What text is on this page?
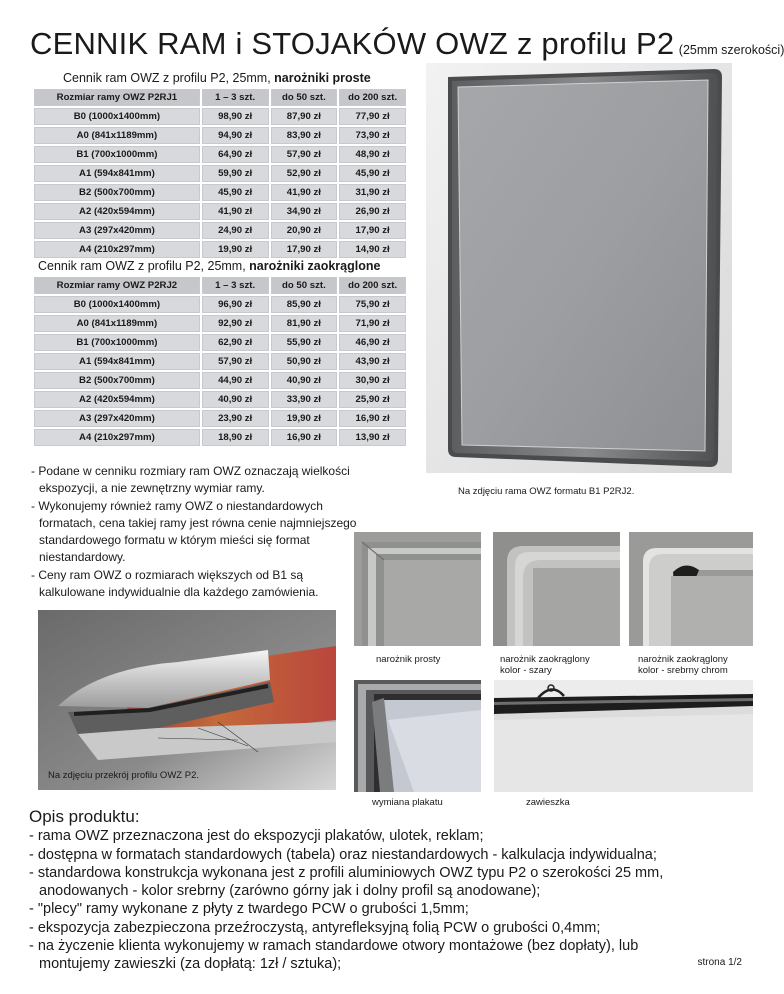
CENNIK RAM i STOJAKÓW OWZ z profilu P2 (25mm szerokości)
Cennik ram OWZ z profilu P2, 25mm, narożniki proste
Rozmiar ramy OWZ P2RJ1	1 – 3 szt.	do 50 szt.	do 200 szt.
B0 (1000x1400mm)	98,90 zł	87,90 zł	77,90 zł
A0 (841x1189mm)	94,90 zł	83,90 zł	73,90 zł
B1 (700x1000mm)	64,90 zł	57,90 zł	48,90 zł
A1 (594x841mm)	59,90 zł	52,90 zł	45,90 zł
B2 (500x700mm)	45,90 zł	41,90 zł	31,90 zł
A2 (420x594mm)	41,90 zł	34,90 zł	26,90 zł
A3 (297x420mm)	24,90 zł	20,90 zł	17,90 zł
A4 (210x297mm)	19,90 zł	17,90 zł	14,90 zł
Cennik ram OWZ z profilu P2, 25mm, narożniki zaokrąglone
Rozmiar ramy OWZ P2RJ2	1 – 3 szt.	do 50 szt.	do 200 szt.
B0 (1000x1400mm)	96,90 zł	85,90 zł	75,90 zł
A0 (841x1189mm)	92,90 zł	81,90 zł	71,90 zł
B1 (700x1000mm)	62,90 zł	55,90 zł	46,90 zł
A1 (594x841mm)	57,90 zł	50,90 zł	43,90 zł
B2 (500x700mm)	44,90 zł	40,90 zł	30,90 zł
A2 (420x594mm)	40,90 zł	33,90 zł	25,90 zł
A3 (297x420mm)	23,90 zł	19,90 zł	16,90 zł
A4 (210x297mm)	18,90 zł	16,90 zł	13,90 zł
Na zdjęciu rama OWZ formatu B1 P2RJ2.

- Podane w cenniku rozmiary ram OWZ oznaczają wielkości ekspozycji, a nie zewnętrzny wymiar ramy.

- Wykonujemy również ramy OWZ o niestandardowych formatach, cena takiej ramy jest równa cenie najmniejszego standardowego formatu w którym mieści się format niestandardowy.

- Ceny ram OWZ o rozmiarach większych od B1 są kalkulowane indywidualnie dla każdego zamówienia.

narożnik prosty	narożnik zaokrąglony
kolor - szary
narożnik zaokrąglony
kolor - srebrny chrom
Na zdjęciu przekrój profilu OWZ P2.
wymiana plakatu	zawieszka
Opis produktu:

- rama OWZ przeznaczona jest do ekspozycji plakatów, ulotek, reklam;

- dostępna w formatach standardowych (tabela) oraz niestandardowych - kalkulacja indywidualna;

- standardowa konstrukcja wykonana jest z profili aluminiowych OWZ typu P2 o szerokości 25 mm, anodowanych - kolor srebrny (zarówno górny jak i dolny profil są anodowane);

- "plecy" ramy wykonane z płyty z twardego PCW o grubości 1,5mm;

- ekspozycja zabezpieczona przeźroczystą, antyrefleksyjną folią PCW o grubości 0,4mm;

- na życzenie klienta wykonujemy w ramach standardowe otwory montażowe (bez dopłaty), lub montujemy zawieszki (za dopłatą: 1zł / sztuka);	strona 1/2
